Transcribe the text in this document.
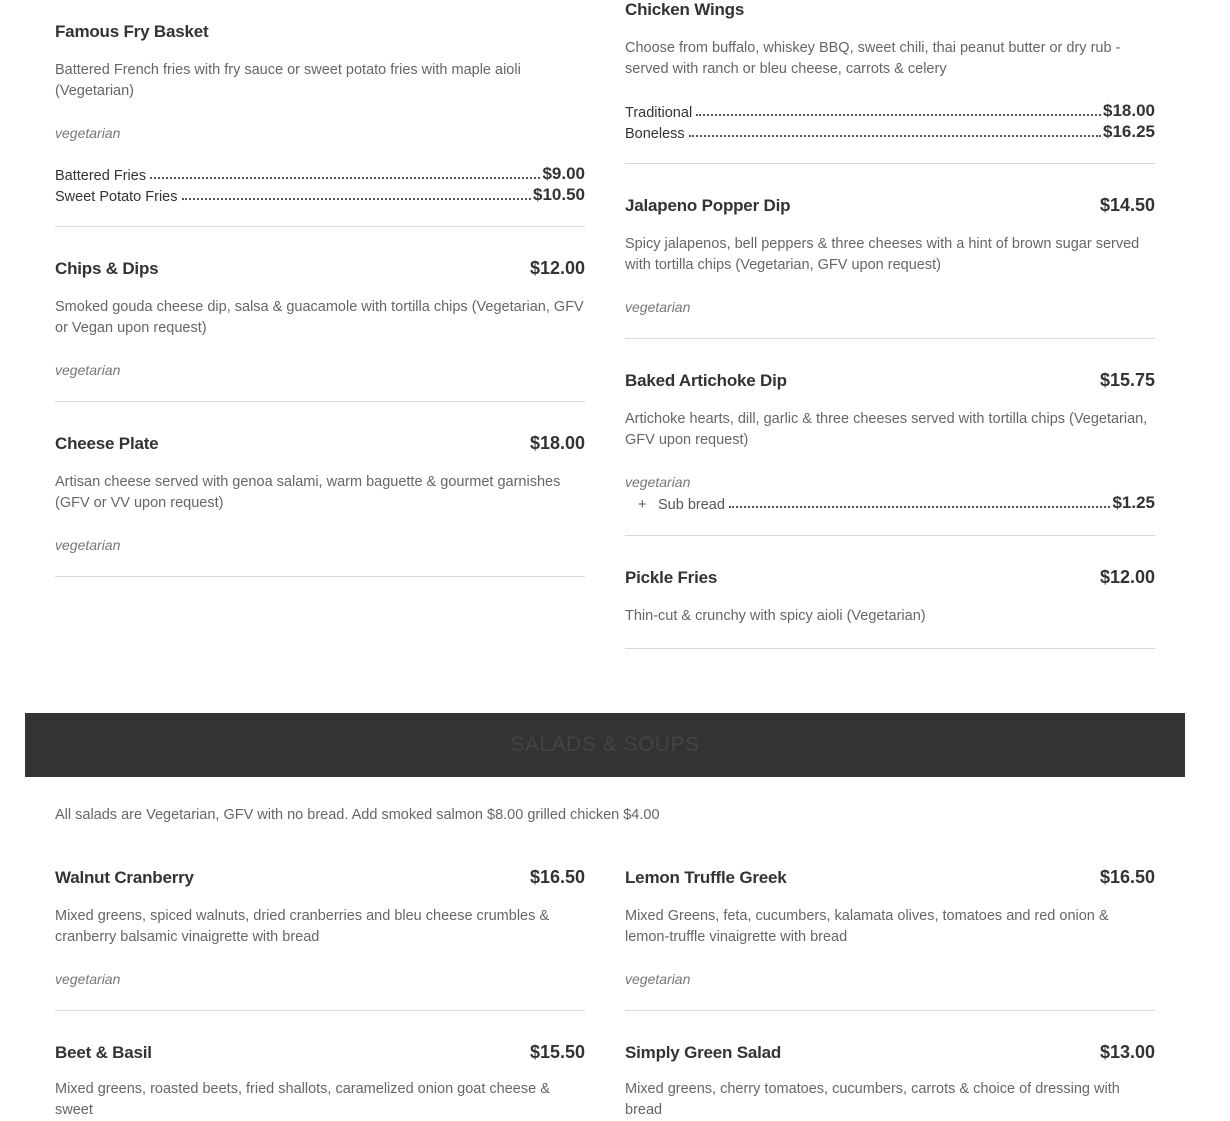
Famous Fry Basket
Battered French fries with fry sauce or sweet potato fries with maple aioli (Vegetarian)
vegetarian
Battered Fries	$9.00
Sweet Potato Fries	$10.50
Chips & Dips	$12.00
Smoked gouda cheese dip, salsa & guacamole with tortilla chips (Vegetarian, GFV or Vegan upon request)
vegetarian
Cheese Plate	$18.00
Artisan cheese served with genoa salami, warm baguette & gourmet garnishes (GFV or VV upon request)
vegetarian
Chicken Wings
Choose from buffalo, whiskey BBQ, sweet chili, thai peanut butter or dry rub - served with ranch or bleu cheese, carrots & celery
Traditional	$18.00
Boneless	$16.25
Jalapeno Popper Dip	$14.50
Spicy jalapenos, bell peppers & three cheeses with a hint of brown sugar served with tortilla chips (Vegetarian, GFV upon request)
vegetarian
Baked Artichoke Dip	$15.75
Artichoke hearts, dill, garlic & three cheeses served with tortilla chips (Vegetarian, GFV upon request)
vegetarian
+ Sub bread	$1.25
Pickle Fries	$12.00
Thin-cut & crunchy with spicy aioli (Vegetarian)
SALADS & SOUPS
All salads are Vegetarian, GFV with no bread. Add smoked salmon $8.00 grilled chicken $4.00
Walnut Cranberry	$16.50
Mixed greens, spiced walnuts, dried cranberries and bleu cheese crumbles & cranberry balsamic vinaigrette with bread
vegetarian
Beet & Basil	$15.50
Mixed greens, roasted beets, fried shallots, caramelized onion goat cheese & sweet
Lemon Truffle Greek	$16.50
Mixed Greens, feta, cucumbers, kalamata olives, tomatoes and red onion & lemon-truffle vinaigrette with bread
vegetarian
Simply Green Salad	$13.00
Mixed greens, cherry tomatoes, cucumbers, carrots & choice of dressing with bread
